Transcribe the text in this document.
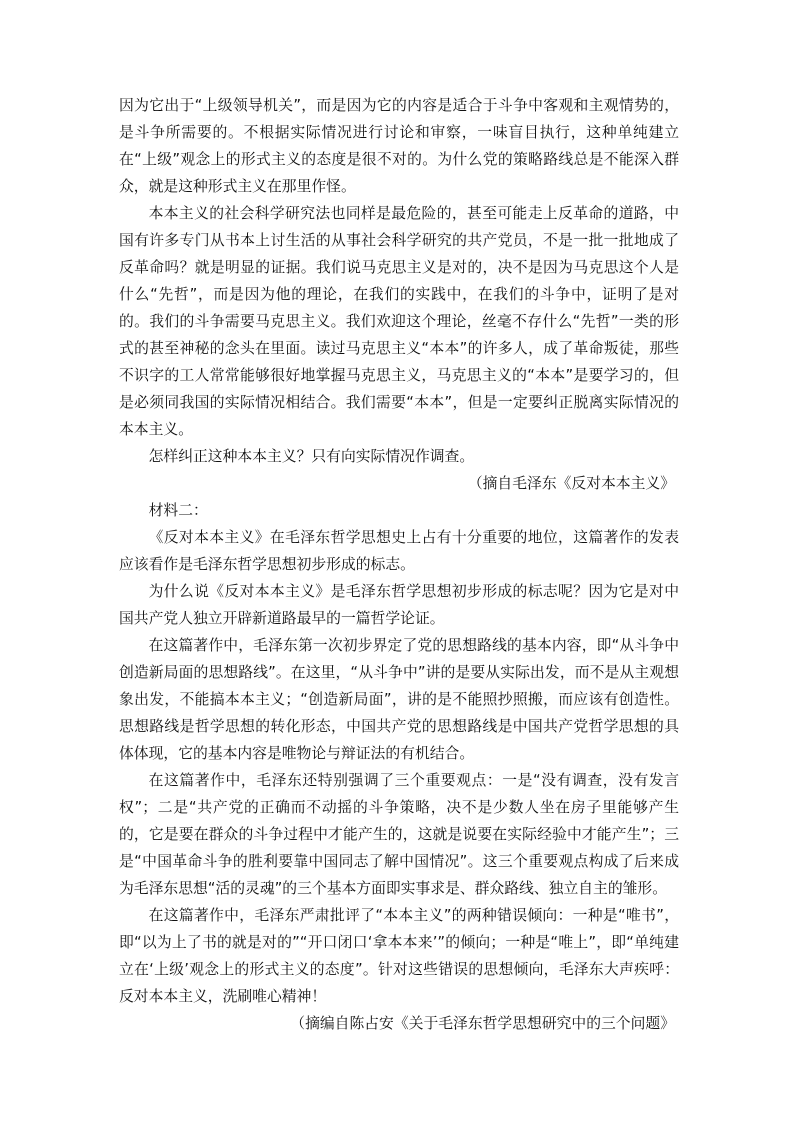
因为它出于“上级领导机关”，而是因为它的内容是适合于斗争中客观和主观情势的，是斗争所需要的。不根据实际情况进行讨论和审察，一味盲目执行，这种单纯建立在“上级”观念上的形式主义的态度是很不对的。为什么党的策略路线总是不能深入群众，就是这种形式主义在那里作怪。

本本主义的社会科学研究法也同样是最危险的，甚至可能走上反革命的道路，中国有许多专门从书本上讨生活的从事社会科学研究的共产党员，不是一批一批地成了反革命吗？就是明显的证据。我们说马克思主义是对的，决不是因为马克思这个人是什么“先哲”，而是因为他的理论，在我们的实践中，在我们的斗争中，证明了是对的。我们的斗争需要马克思主义。我们欢迎这个理论，丝毫不存什么“先哲”一类的形式的甚至神秘的念头在里面。读过马克思主义“本本”的许多人，成了革命叛徒，那些不识字的工人常常能够很好地掌握马克思主义，马克思主义的“本本”是要学习的，但是必须同我国的实际情况相结合。我们需要“本本”，但是一定要纠正脱离实际情况的本本主义。

怎样纠正这种本本主义？只有向实际情况作调查。

（摘自毛泽东《反对本本主义》

材料二：

《反对本本主义》在毛泽东哲学思想史上占有十分重要的地位，这篇著作的发表应该看作是毛泽东哲学思想初步形成的标志。

为什么说《反对本本主义》是毛泽东哲学思想初步形成的标志呢？因为它是对中国共产党人独立开辟新道路最早的一篇哲学论证。

在这篇著作中，毛泽东第一次初步界定了党的思想路线的基本内容，即“从斗争中创造新局面的思想路线”。在这里，“从斗争中”讲的是要从实际出发，而不是从主观想象出发，不能搞本本主义；“创造新局面”，讲的是不能照抄照搬，而应该有创造性。思想路线是哲学思想的转化形态，中国共产党的思想路线是中国共产党哲学思想的具体体现，它的基本内容是唯物论与辩证法的有机结合。

在这篇著作中，毛泽东还特别强调了三个重要观点：一是“没有调查，没有发言权”；二是“共产党的正确而不动摇的斗争策略，决不是少数人坐在房子里能够产生的，它是要在群众的斗争过程中才能产生的，这就是说要在实际经验中才能产生”；三是“中国革命斗争的胜利要靠中国同志了解中国情况”。这三个重要观点构成了后来成为毛泽东思想“活的灵魂”的三个基本方面即实事求是、群众路线、独立自主的雏形。

在这篇著作中，毛泽东严肃批评了“本本主义”的两种错误倾向：一种是“唯书”，即“以为上了书的就是对的”“开口闭口‘拿本本来’”的倾向；一种是“唯上”，即“单纯建立在‘上级’观念上的形式主义的态度”。针对这些错误的思想倾向，毛泽东大声疾呼：反对本本主义，洗刷唯心精神！

（摘编自陈占安《关于毛泽东哲学思想研究中的三个问题》
